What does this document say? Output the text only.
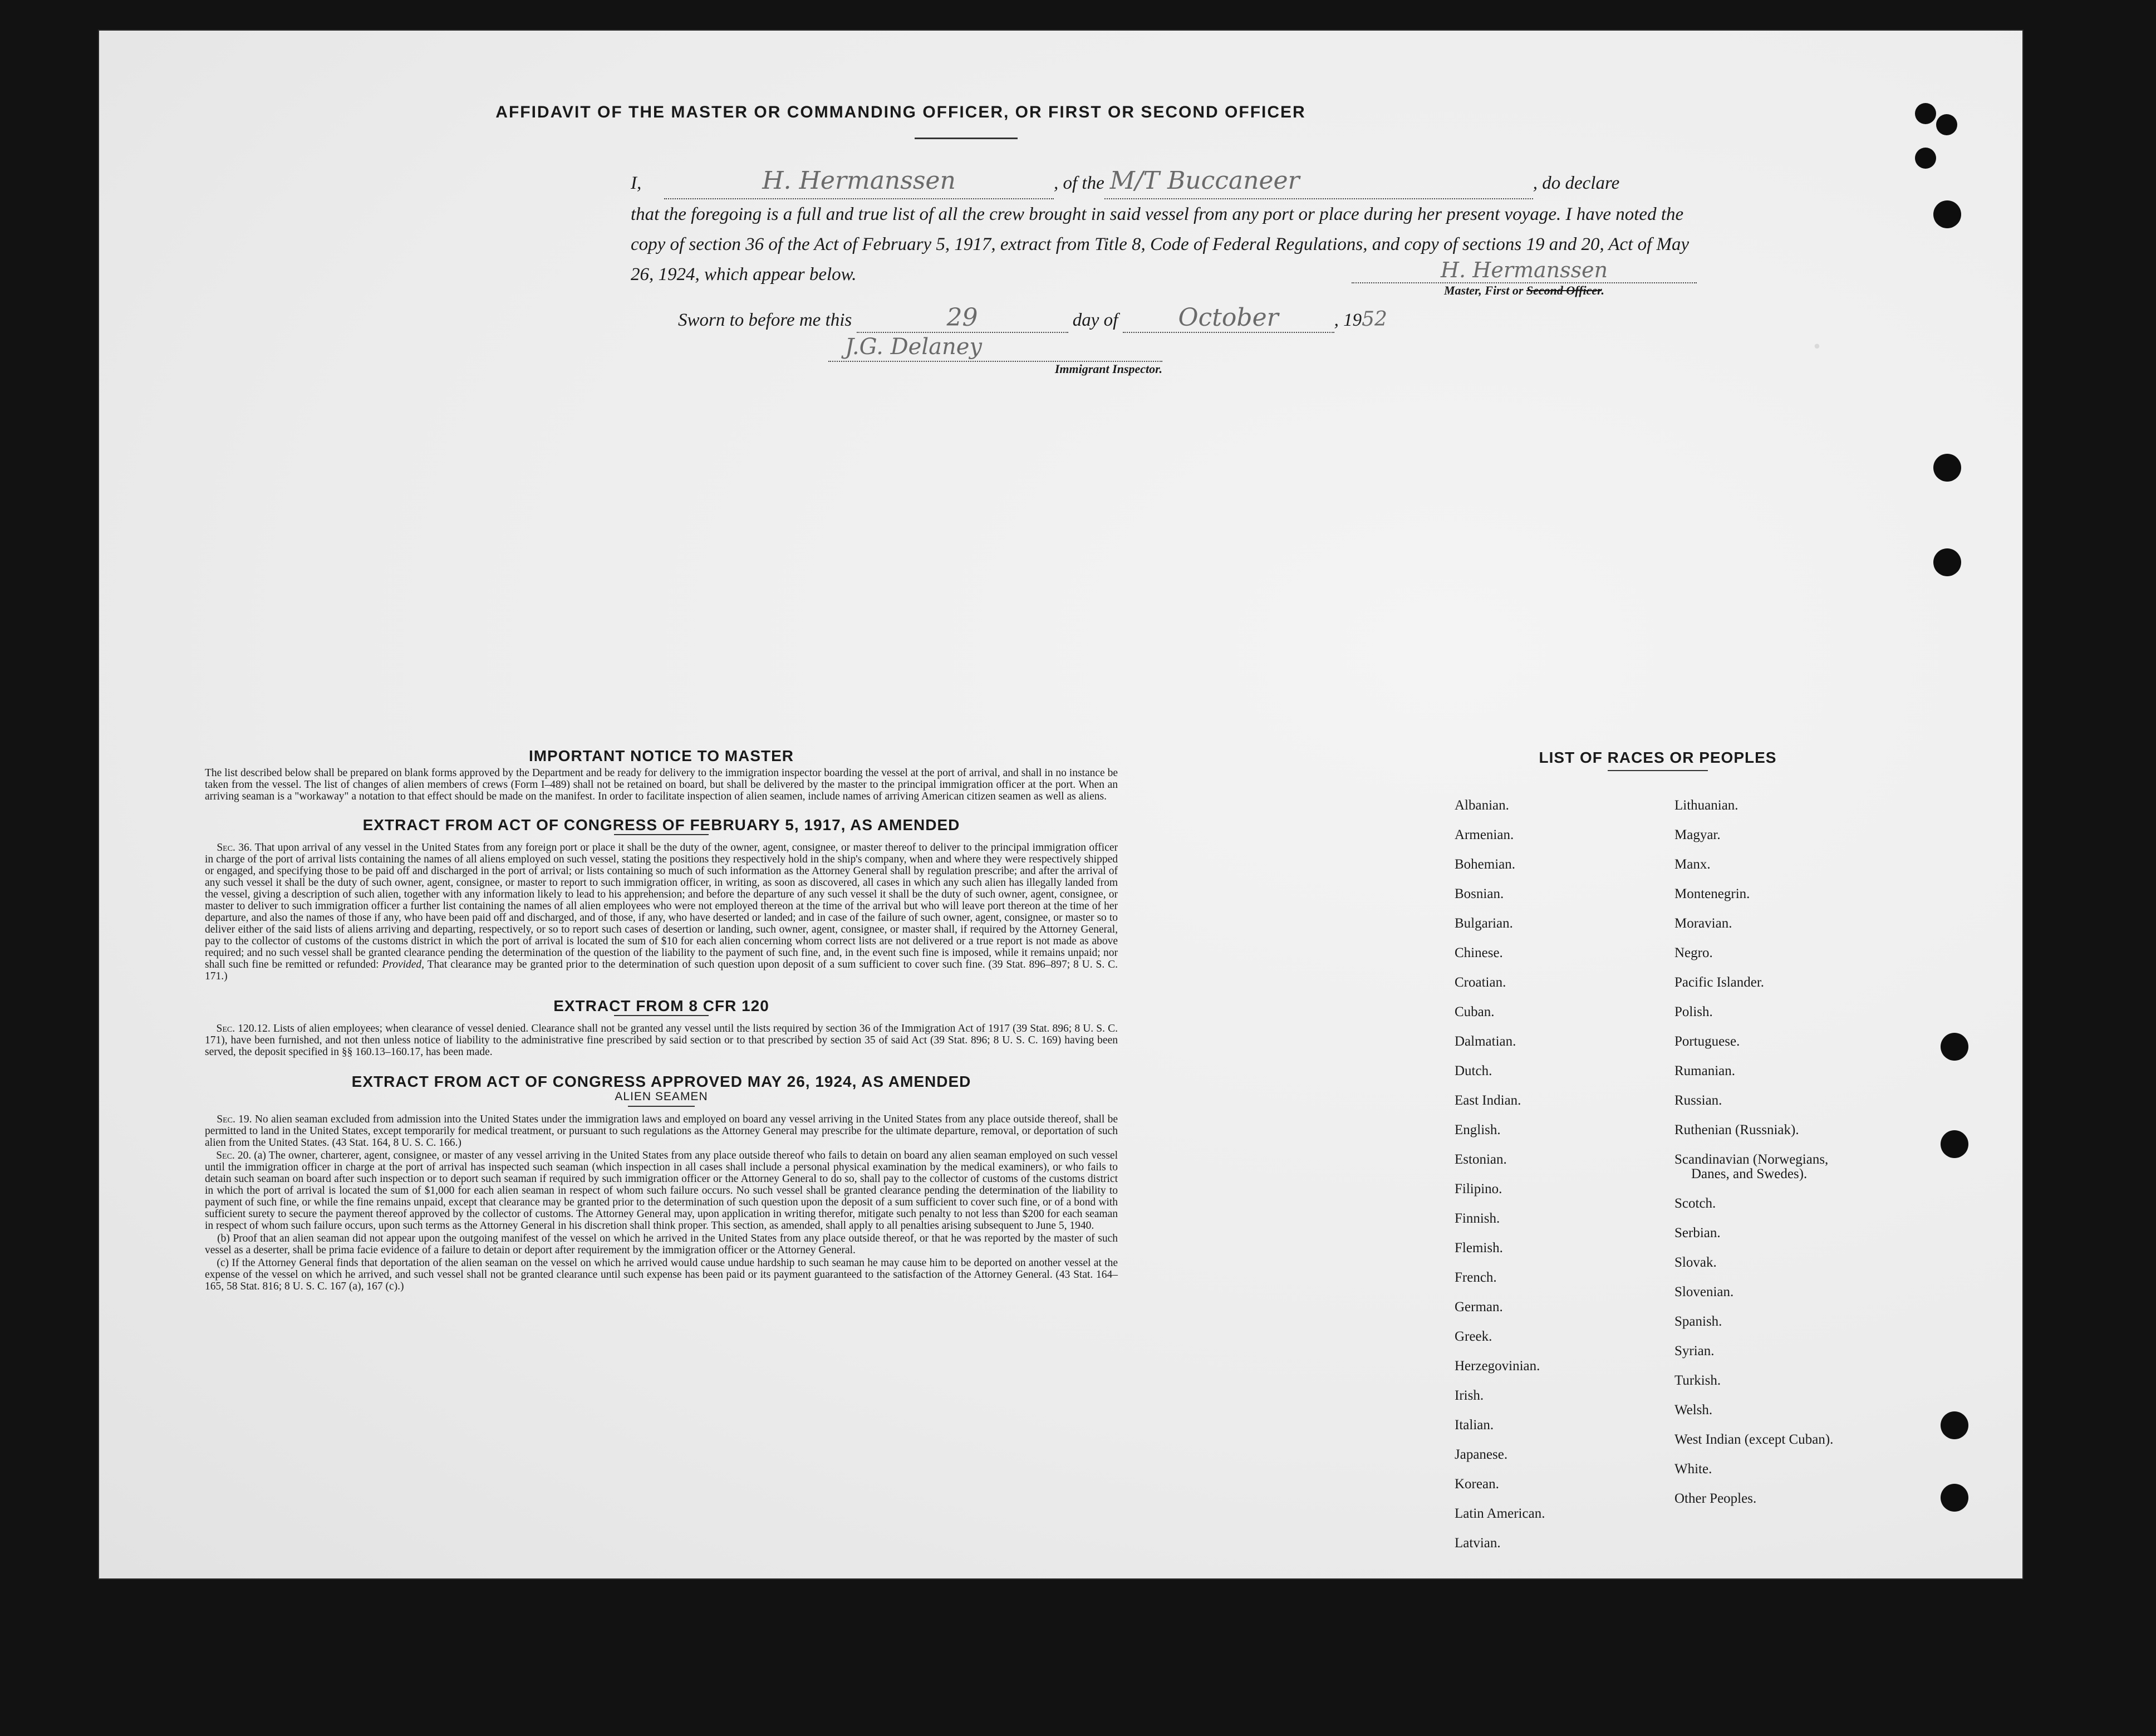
🞄
AFFIDAVIT OF THE MASTER OR COMMANDING OFFICER, OR FIRST OR SECOND OFFICER
I,	H. Hermanssen	, of the M/T Buccaneer	, do declare
that the foregoing is a full and true list of all the crew brought in said vessel from any port or place during her present voyage. I have noted the copy of section 36 of the Act of February 5, 1917, extract from Title 8, Code of Federal Regulations, and copy of sections 19 and 20, Act of May 26, 1924, which appear below.	H. Hermanssen
Master, First or Second Officer.
Sworn to before me this	29	day of October	, 1952
J.G. Delaney
Immigrant Inspector.
IMPORTANT NOTICE TO MASTER
The list described below shall be prepared on blank forms approved by the Department and be ready for delivery to the immigration inspector boarding the vessel at the port of arrival, and shall in no instance be taken from the vessel. The list of changes of alien members of crews (Form I–489) shall not be retained on board, but shall be delivered by the master to the principal immigration officer at the port. When an arriving seaman is a "workaway" a notation to that effect should be made on the manifest. In order to facilitate inspection of alien seamen, include names of arriving American citizen seamen as well as aliens.
EXTRACT FROM ACT OF CONGRESS OF FEBRUARY 5, 1917, AS AMENDED
Sec. 36. That upon arrival of any vessel in the United States from any foreign port or place it shall be the duty of the owner, agent, consignee, or master thereof to deliver to the principal immigration officer in charge of the port of arrival lists containing the names of all aliens employed on such vessel, stating the positions they respectively hold in the ship's company, when and where they were respectively shipped or engaged, and specifying those to be paid off and discharged in the port of arrival; or lists containing so much of such information as the Attorney General shall by regulation prescribe; and after the arrival of any such vessel it shall be the duty of such owner, agent, consignee, or master to report to such immigration officer, in writing, as soon as discovered, all cases in which any such alien has illegally landed from the vessel, giving a description of such alien, together with any information likely to lead to his apprehension; and before the departure of any such vessel it shall be the duty of such owner, agent, consignee, or master to deliver to such immigration officer a further list containing the names of all alien employees who were not employed thereon at the time of the arrival but who will leave port thereon at the time of her departure, and also the names of those if any, who have been paid off and discharged, and of those, if any, who have deserted or landed; and in case of the failure of such owner, agent, consignee, or master so to deliver either of the said lists of aliens arriving and departing, respectively, or so to report such cases of desertion or landing, such owner, agent, consignee, or master shall, if required by the Attorney General, pay to the collector of customs of the customs district in which the port of arrival is located the sum of $10 for each alien concerning whom correct lists are not delivered or a true report is not made as above required; and no such vessel shall be granted clearance pending the determination of the question of the liability to the payment of such fine, and, in the event such fine is imposed, while it remains unpaid; nor shall such fine be remitted or refunded: Provided, That clearance may be granted prior to the determination of such question upon deposit of a sum sufficient to cover such fine. (39 Stat. 896–897; 8 U. S. C. 171.)
EXTRACT FROM 8 CFR 120
Sec. 120.12. Lists of alien employees; when clearance of vessel denied. Clearance shall not be granted any vessel until the lists required by section 36 of the Immigration Act of 1917 (39 Stat. 896; 8 U. S. C. 171), have been furnished, and not then unless notice of liability to the administrative fine prescribed by said section or to that prescribed by section 35 of said Act (39 Stat. 896; 8 U. S. C. 169) having been served, the deposit specified in §§ 160.13–160.17, has been made.
EXTRACT FROM ACT OF CONGRESS APPROVED MAY 26, 1924, AS AMENDED
ALIEN SEAMEN
Sec. 19. No alien seaman excluded from admission into the United States under the immigration laws and employed on board any vessel arriving in the United States from any place outside thereof, shall be permitted to land in the United States, except temporarily for medical treatment, or pursuant to such regulations as the Attorney General may prescribe for the ultimate departure, removal, or deportation of such alien from the United States. (43 Stat. 164, 8 U. S. C. 166.)
Sec. 20. (a) The owner, charterer, agent, consignee, or master of any vessel arriving in the United States from any place outside thereof who fails to detain on board any alien seaman employed on such vessel until the immigration officer in charge at the port of arrival has inspected such seaman (which inspection in all cases shall include a personal physical examination by the medical examiners), or who fails to detain such seaman on board after such inspection or to deport such seaman if required by such immigration officer or the Attorney General to do so, shall pay to the collector of customs of the customs district in which the port of arrival is located the sum of $1,000 for each alien seaman in respect of whom such failure occurs. No such vessel shall be granted clearance pending the determination of the liability to payment of such fine, or while the fine remains unpaid, except that clearance may be granted prior to the determination of such question upon the deposit of a sum sufficient to cover such fine, or of a bond with sufficient surety to secure the payment thereof approved by the collector of customs. The Attorney General may, upon application in writing therefor, mitigate such penalty to not less than $200 for each seaman in respect of whom such failure occurs, upon such terms as the Attorney General in his discretion shall think proper. This section, as amended, shall apply to all penalties arising subsequent to June 5, 1940.
(b) Proof that an alien seaman did not appear upon the outgoing manifest of the vessel on which he arrived in the United States from any place outside thereof, or that he was reported by the master of such vessel as a deserter, shall be prima facie evidence of a failure to detain or deport after requirement by the immigration officer or the Attorney General.
(c) If the Attorney General finds that deportation of the alien seaman on the vessel on which he arrived would cause undue hardship to such seaman he may cause him to be deported on another vessel at the expense of the vessel on which he arrived, and such vessel shall not be granted clearance until such expense has been paid or its payment guaranteed to the satisfaction of the Attorney General. (43 Stat. 164–165, 58 Stat. 816; 8 U. S. C. 167 (a), 167 (c).)
LIST OF RACES OR PEOPLES
Albanian.
Armenian.
Bohemian.
Bosnian.
Bulgarian.
Chinese.
Croatian.
Cuban.
Dalmatian.
Dutch.
East Indian.
English.
Estonian.
Filipino.
Finnish.
Flemish.
French.
German.
Greek.
Herzegovinian.
Irish.
Italian.
Japanese.
Korean.
Latin American.
Latvian.
Lithuanian.
Magyar.
Manx.
Montenegrin.
Moravian.
Negro.
Pacific Islander.
Polish.
Portuguese.
Rumanian.
Russian.
Ruthenian (Russniak).
Scandinavian (Norwegians,
Danes, and Swedes).
Scotch.
Serbian.
Slovak.
Slovenian.
Spanish.
Syrian.
Turkish.
Welsh.
West Indian (except Cuban).
White.
Other Peoples.
